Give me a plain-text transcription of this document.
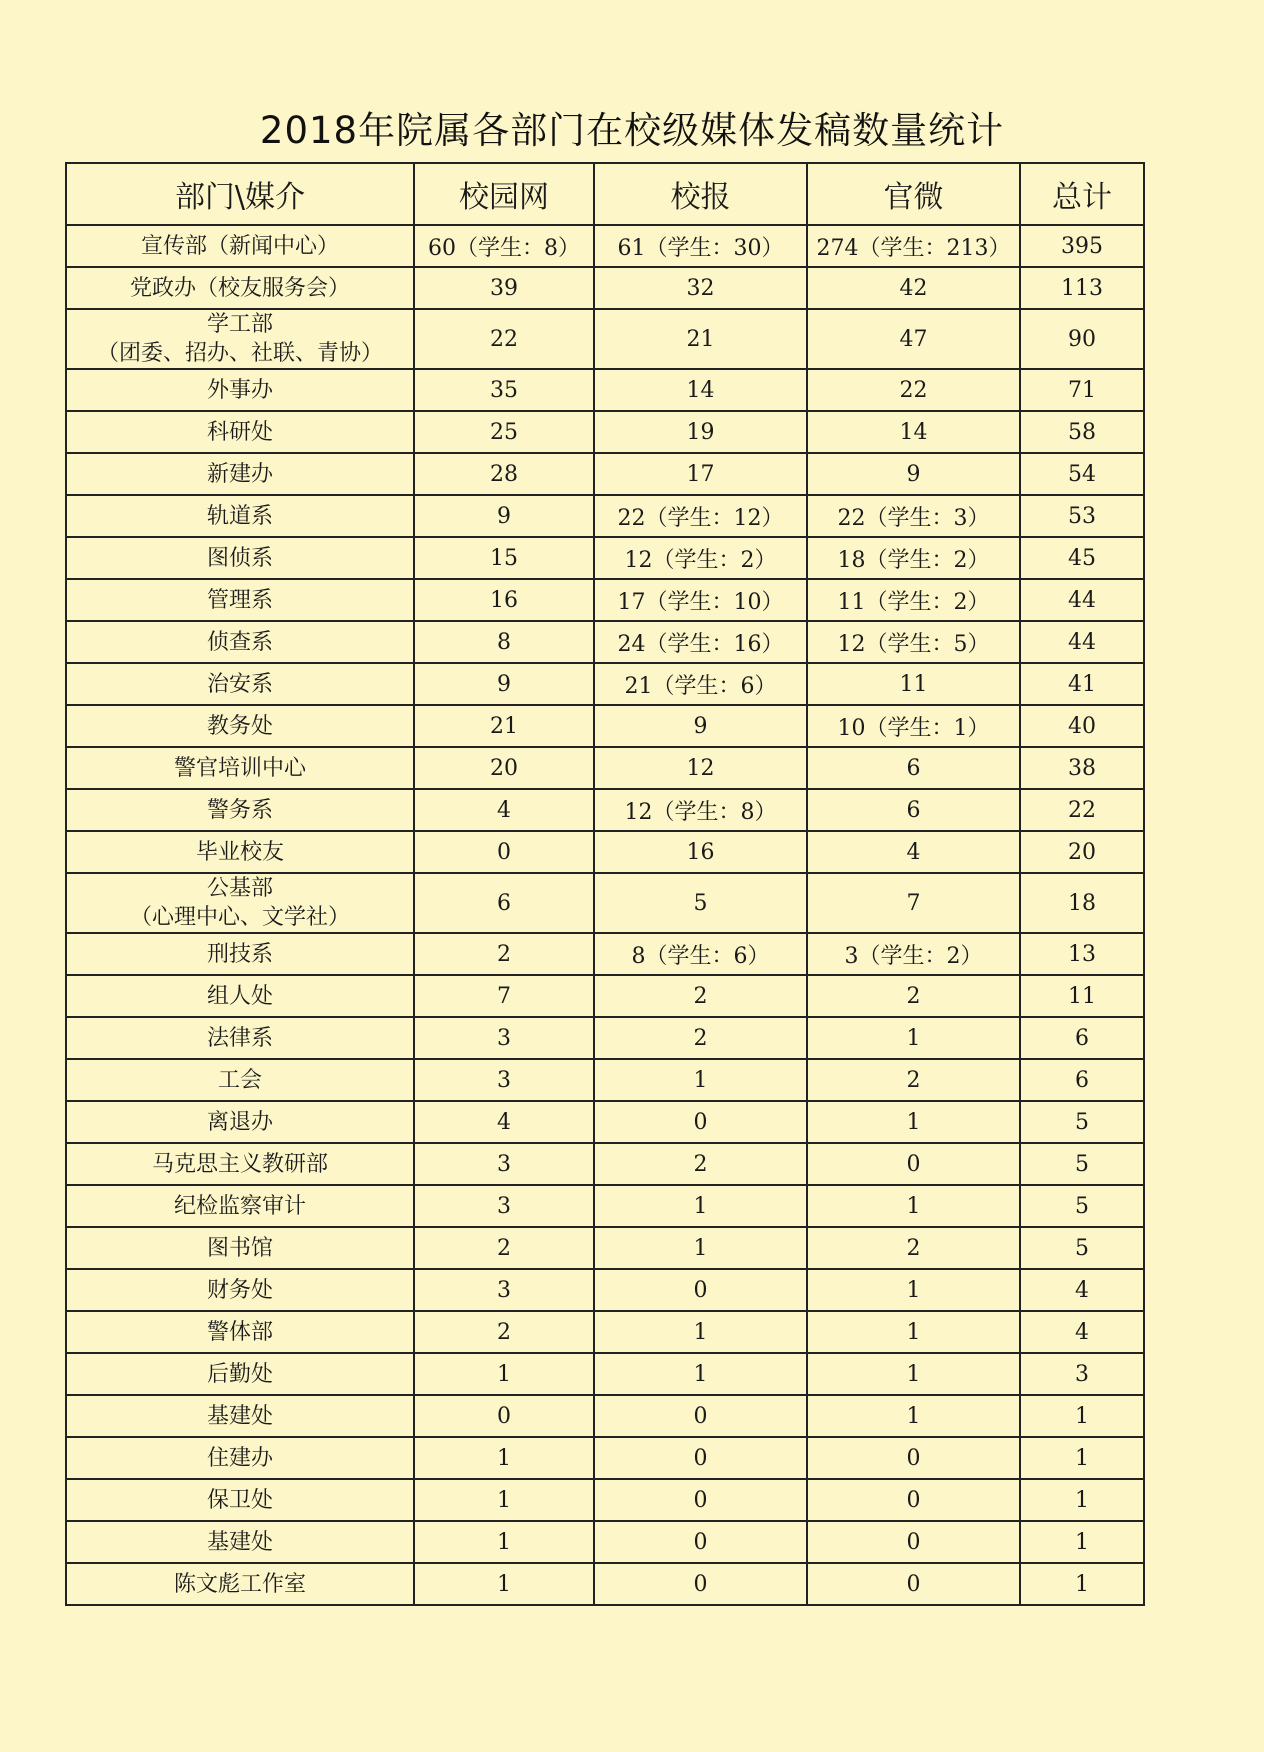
2018年院属各部门在校级媒体发稿数量统计
部门\媒介	校园网	校报	官微	总计

宣传部（新闻中心）	60（学生：8）	61（学生：30）	274（学生：213）	395

党政办（校友服务会）	39	32	42	113

学工部
（团委、招办、社联、青协）	22	21	47	90

外事办	35	14	22	71

科研处	25	19	14	58

新建办	28	17	9	54

轨道系	9	22（学生：12）	22（学生：3）	53

图侦系	15	12（学生：2）	18（学生：2）	45

管理系	16	17（学生：10）	11（学生：2）	44

侦查系	8	24（学生：16）	12（学生：5）	44

治安系	9	21（学生：6）	11	41

教务处	21	9	10（学生：1）	40

警官培训中心	20	12	6	38

警务系	4	12（学生：8）	6	22

毕业校友	0	16	4	20

公基部
（心理中心、文学社）	6	5	7	18

刑技系	2	8（学生：6）	3（学生：2）	13

组人处	7	2	2	11

法律系	3	2	1	6

工会	3	1	2	6

离退办	4	0	1	5

马克思主义教研部	3	2	0	5

纪检监察审计	3	1	1	5

图书馆	2	1	2	5

财务处	3	0	1	4

警体部	2	1	1	4

后勤处	1	1	1	3

基建处	0	0	1	1

住建办	1	0	0	1

保卫处	1	0	0	1

基建处	1	0	0	1

陈文彪工作室	1	0	0	1
